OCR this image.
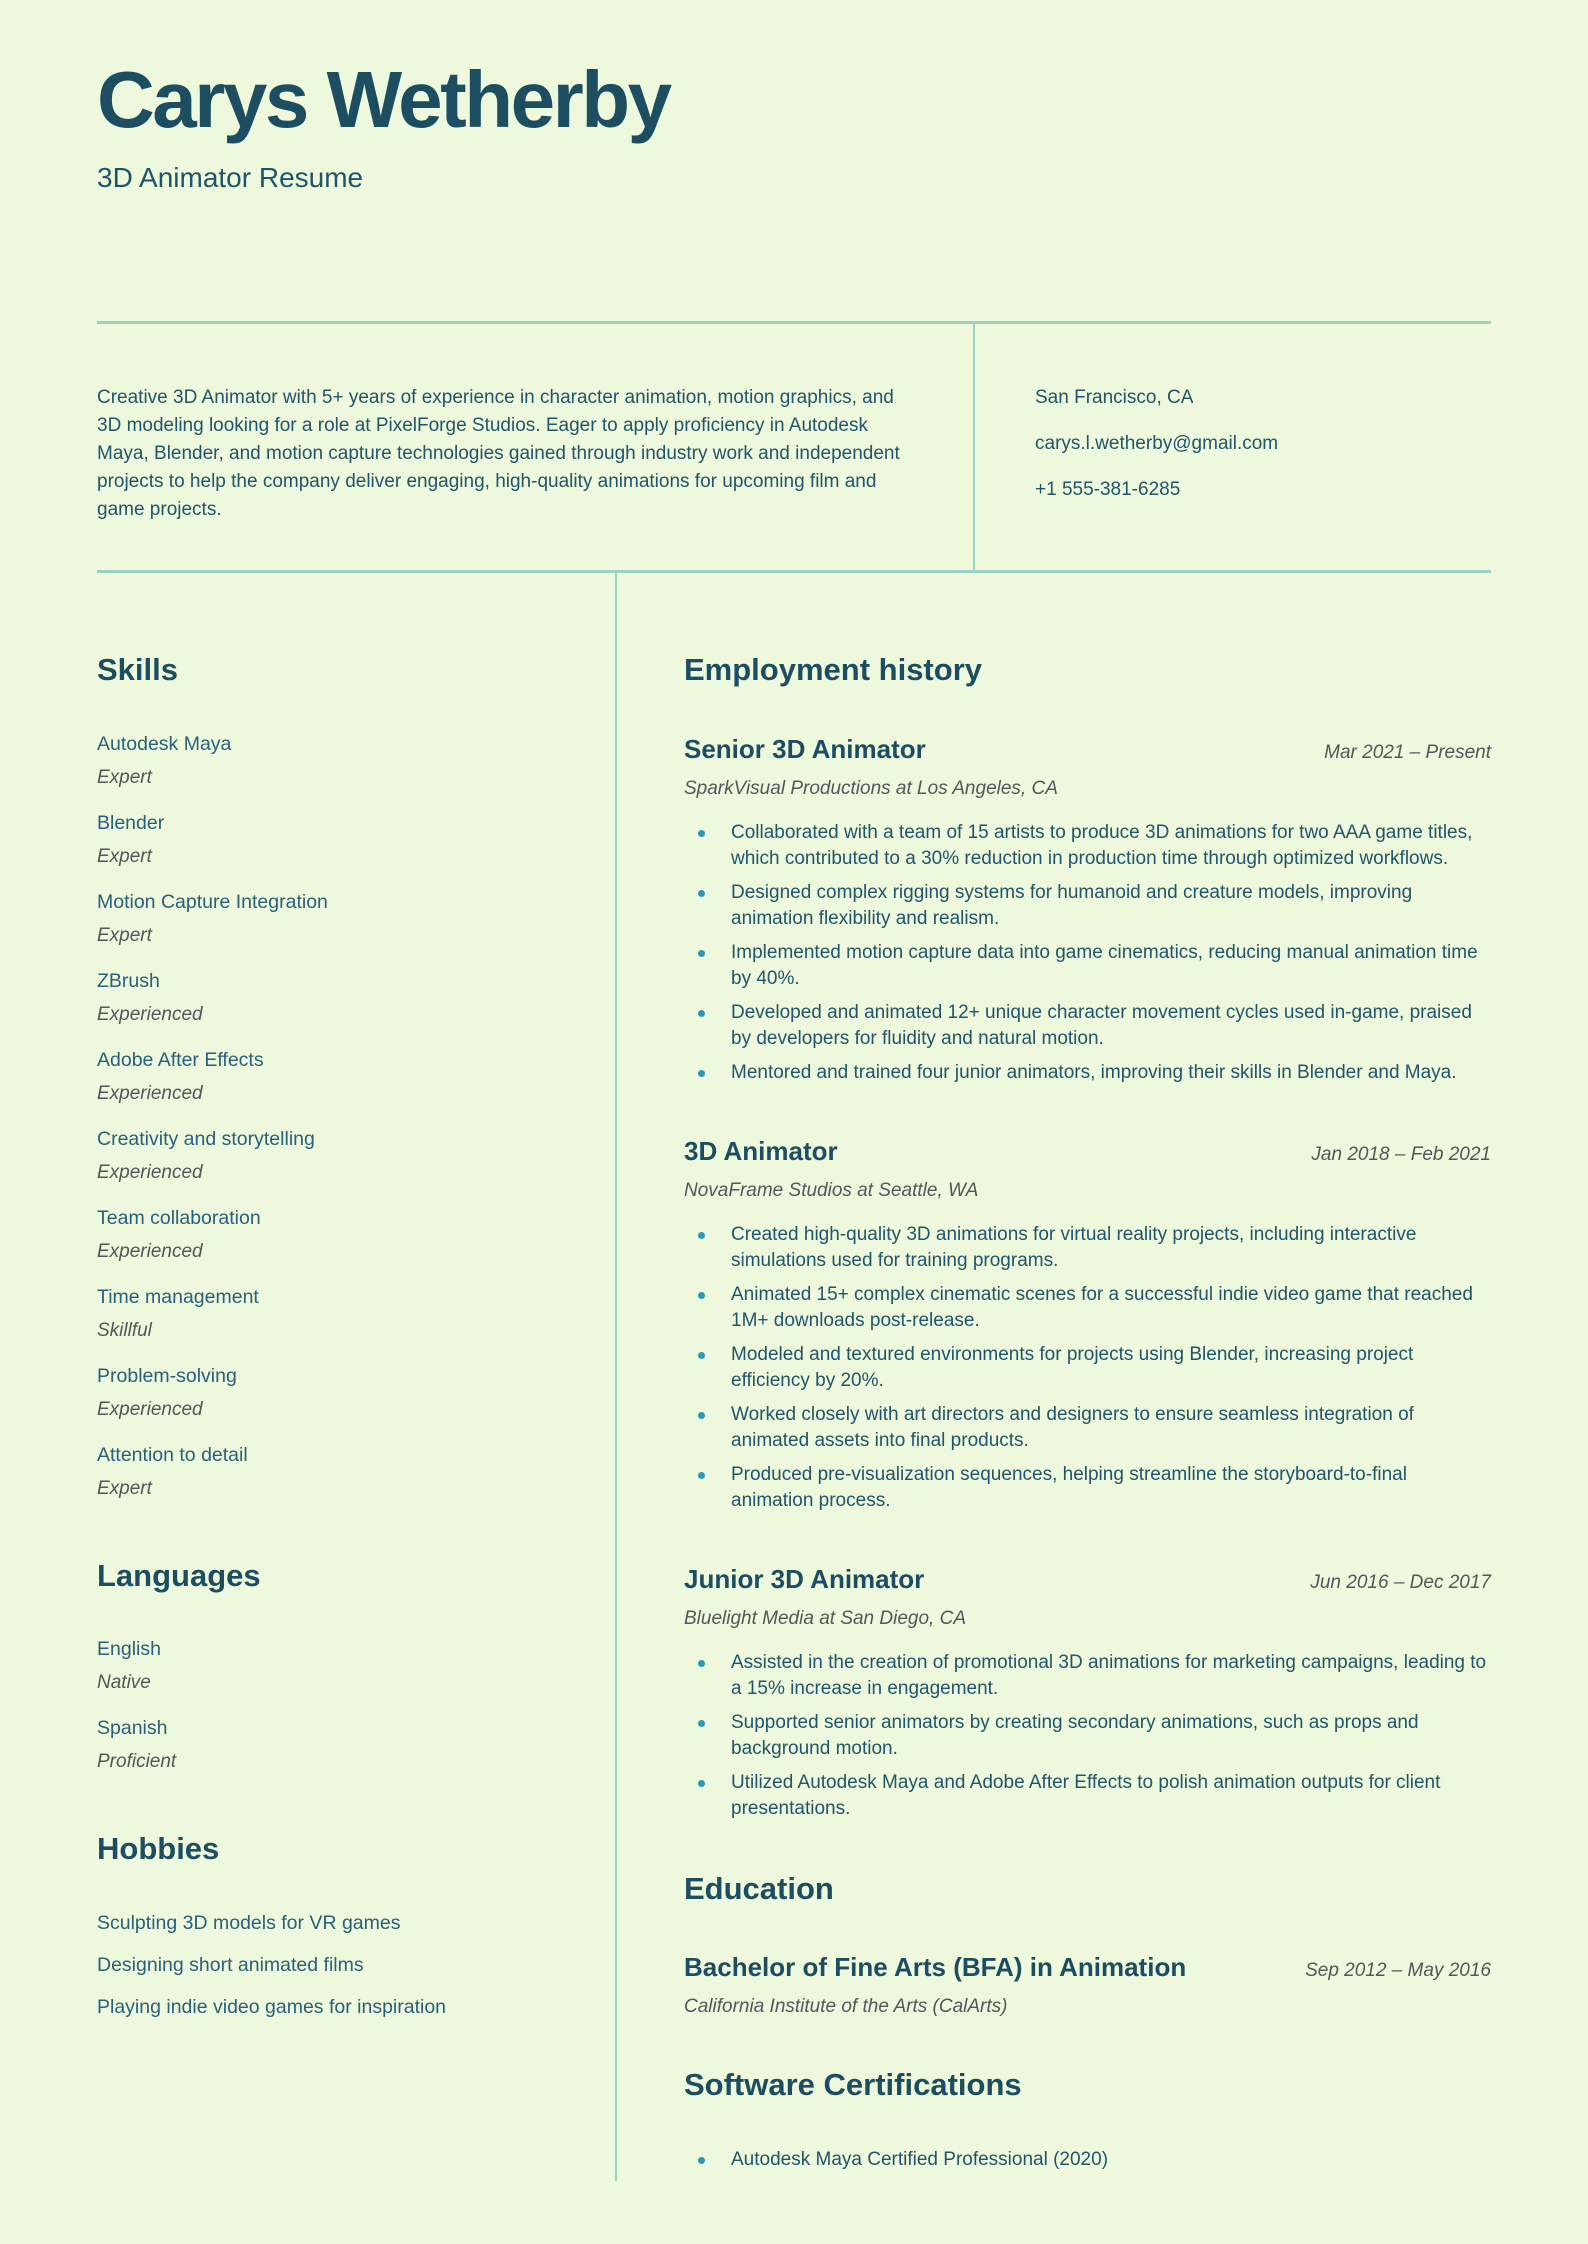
Carys Wetherby
3D Animator Resume
Creative 3D Animator with 5+ years of experience in character animation, motion graphics, and 3D modeling looking for a role at PixelForge Studios. Eager to apply proficiency in Autodesk Maya, Blender, and motion capture technologies gained through industry work and independent projects to help the company deliver engaging, high-quality animations for upcoming film and game projects.
San Francisco, CA
carys.l.wetherby@gmail.com
+1 555-381-6285
Skills
Autodesk Maya
Expert
Blender
Expert
Motion Capture Integration
Expert
ZBrush
Experienced
Adobe After Effects
Experienced
Creativity and storytelling
Experienced
Team collaboration
Experienced
Time management
Skillful
Problem-solving
Experienced
Attention to detail
Expert
Languages
English
Native
Spanish
Proficient
Hobbies
Sculpting 3D models for VR games
Designing short animated films
Playing indie video games for inspiration
Employment history
Senior 3D Animator	Mar 2021 – Present
SparkVisual Productions at Los Angeles, CA
Collaborated with a team of 15 artists to produce 3D animations for two AAA game titles, which contributed to a 30% reduction in production time through optimized workflows.
Designed complex rigging systems for humanoid and creature models, improving animation flexibility and realism.
Implemented motion capture data into game cinematics, reducing manual animation time by 40%.
Developed and animated 12+ unique character movement cycles used in-game, praised by developers for fluidity and natural motion.
Mentored and trained four junior animators, improving their skills in Blender and Maya.
3D Animator	Jan 2018 – Feb 2021
NovaFrame Studios at Seattle, WA
Created high-quality 3D animations for virtual reality projects, including interactive simulations used for training programs.
Animated 15+ complex cinematic scenes for a successful indie video game that reached 1M+ downloads post-release.
Modeled and textured environments for projects using Blender, increasing project efficiency by 20%.
Worked closely with art directors and designers to ensure seamless integration of animated assets into final products.
Produced pre-visualization sequences, helping streamline the storyboard-to-final animation process.
Junior 3D Animator	Jun 2016 – Dec 2017
Bluelight Media at San Diego, CA
Assisted in the creation of promotional 3D animations for marketing campaigns, leading to a 15% increase in engagement.
Supported senior animators by creating secondary animations, such as props and background motion.
Utilized Autodesk Maya and Adobe After Effects to polish animation outputs for client presentations.
Education
Bachelor of Fine Arts (BFA) in Animation	Sep 2012 – May 2016
California Institute of the Arts (CalArts)
Software Certifications
Autodesk Maya Certified Professional (2020)
